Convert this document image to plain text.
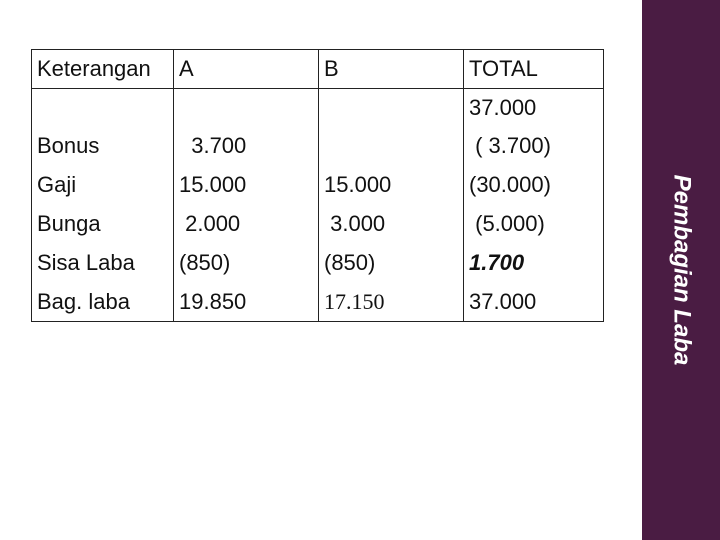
Pembagian Laba
Keterangan	A	B	TOTAL
			37.000
Bonus	3.700		( 3.700)
Gaji	15.000	15.000	(30.000)
Bunga	2.000	3.000	(5.000)
Sisa Laba	(850)	(850)	1.700
Bag. laba	19.850	17.150	37.000
